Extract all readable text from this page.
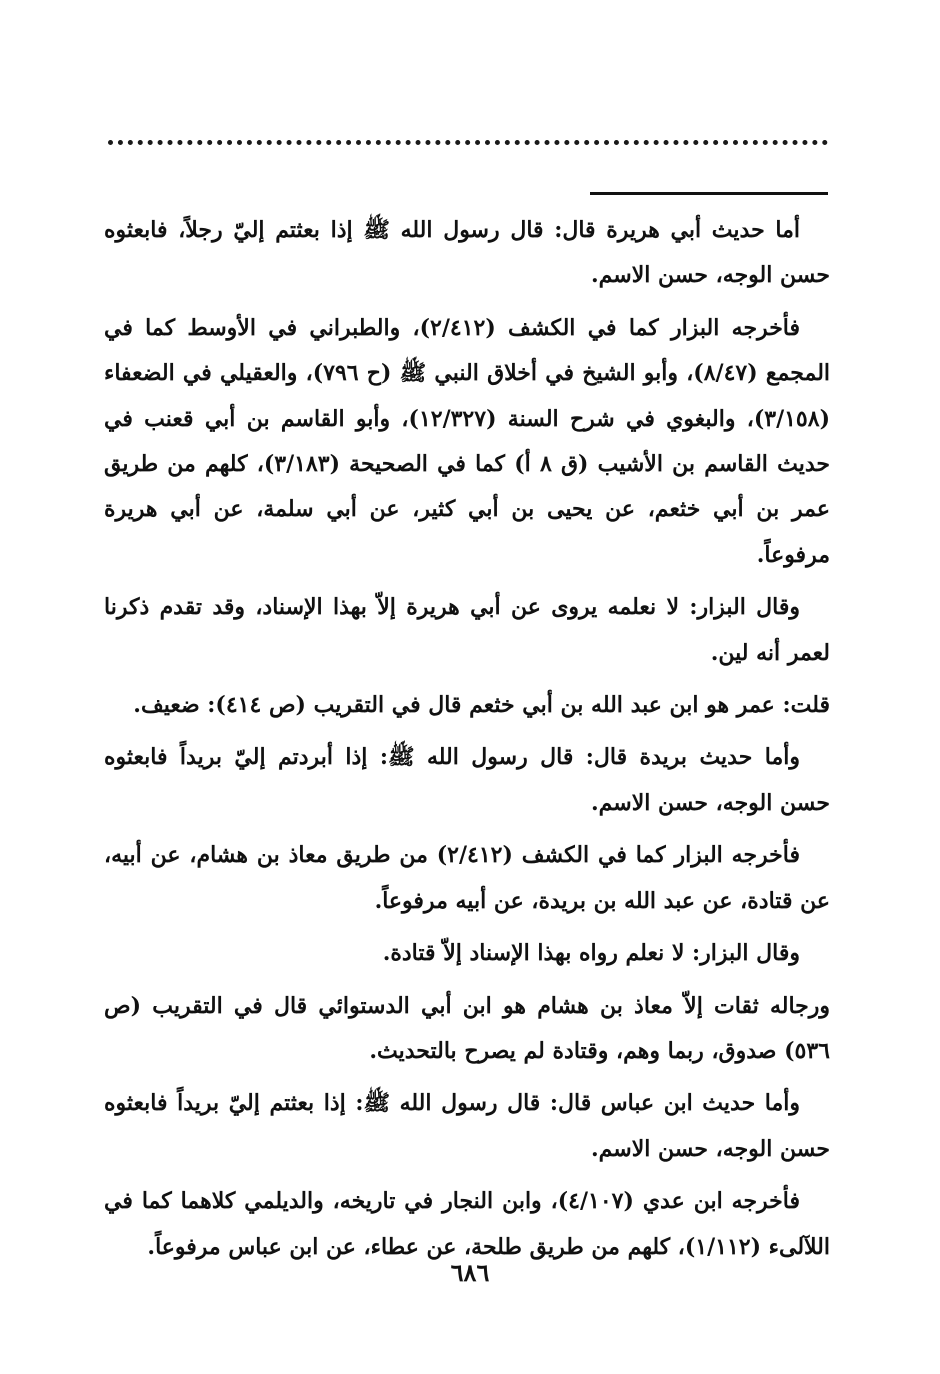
أما حديث أبي هريرة قال: قال رسول الله ﷺ إذا بعثتم إليّ رجلاً، فابعثوه حسن الوجه، حسن الاسم.

فأخرجه البزار كما في الكشف (٢/٤١٢)، والطبراني في الأوسط كما في المجمع (٨/٤٧)، وأبو الشيخ في أخلاق النبي ﷺ (ح ٧٩٦)، والعقيلي في الضعفاء (٣/١٥٨)، والبغوي في شرح السنة (١٢/٣٢٧)، وأبو القاسم بن أبي قعنب في حديث القاسم بن الأشيب (ق ٨ أ) كما في الصحيحة (٣/١٨٣)، كلهم من طريق عمر بن أبي خثعم، عن يحيى بن أبي كثير، عن أبي سلمة، عن أبي هريرة مرفوعاً.

وقال البزار: لا نعلمه يروى عن أبي هريرة إلاّ بهذا الإسناد، وقد تقدم ذكرنا لعمر أنه لين.

قلت: عمر هو ابن عبد الله بن أبي خثعم قال في التقريب (ص ٤١٤): ضعيف.

وأما حديث بريدة قال: قال رسول الله ﷺ: إذا أبردتم إليّ بريداً فابعثوه حسن الوجه، حسن الاسم.

فأخرجه البزار كما في الكشف (٢/٤١٢) من طريق معاذ بن هشام، عن أبيه، عن قتادة، عن عبد الله بن بريدة، عن أبيه مرفوعاً.

وقال البزار: لا نعلم رواه بهذا الإسناد إلاّ قتادة.

ورجاله ثقات إلاّ معاذ بن هشام هو ابن أبي الدستوائي قال في التقريب (ص ٥٣٦) صدوق، ربما وهم، وقتادة لم يصرح بالتحديث.

وأما حديث ابن عباس قال: قال رسول الله ﷺ: إذا بعثتم إليّ بريداً فابعثوه حسن الوجه، حسن الاسم.

فأخرجه ابن عدي (٤/١٠٧)، وابن النجار في تاريخه، والديلمي كلاهما كما في اللآلىء (١/١١٢)، كلهم من طريق طلحة، عن عطاء، عن ابن عباس مرفوعاً.

٦٨٦
